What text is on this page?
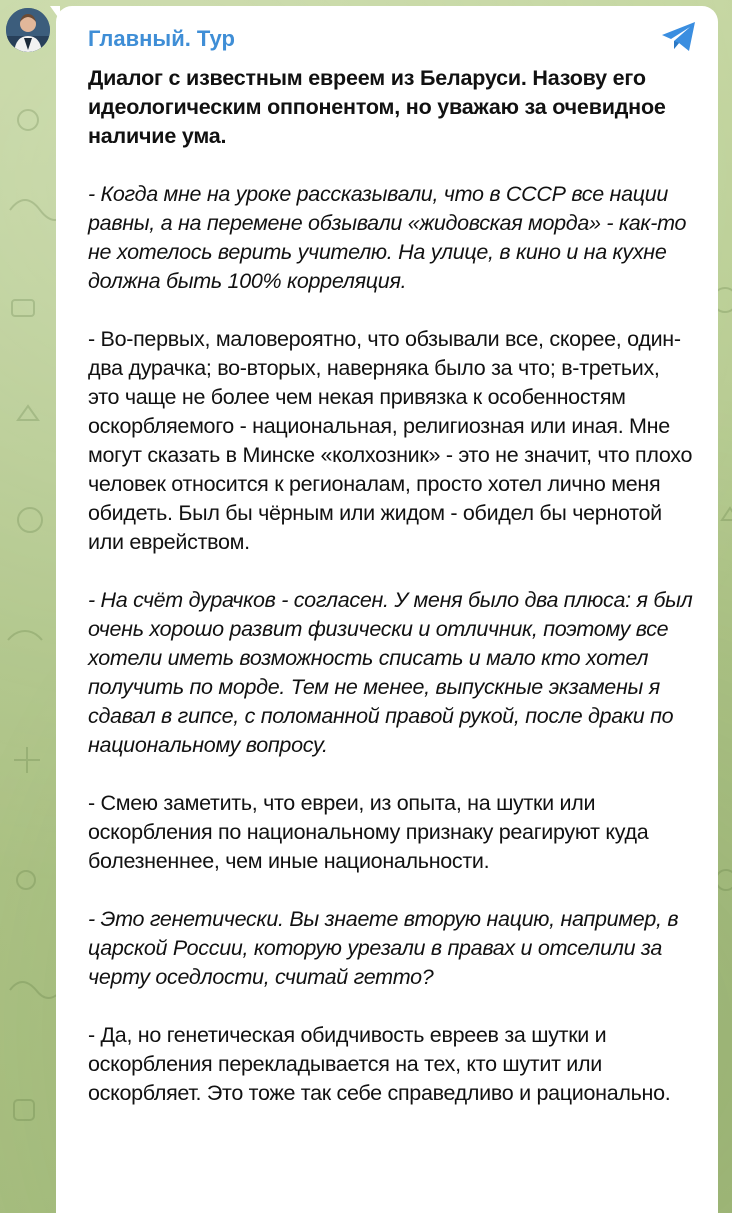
Главный. Тур
Диалог с известным евреем из Беларуси. Назову его идеологическим оппонентом, но уважаю за очевидное наличие ума.
- Когда мне на уроке рассказывали, что в СССР все нации равны, а на перемене обзывали «жидовская морда» - как-то не хотелось верить учителю. На улице, в кино и на кухне должна быть 100% корреляция.
- Во-первых, маловероятно, что обзывали все, скорее, один-два дурачка; во-вторых, наверняка было за что; в-третьих, это чаще не более чем некая привязка к особенностям оскорбляемого - национальная, религиозная или иная. Мне могут сказать в Минске «колхозник» - это не значит, что плохо человек относится к регионалам, просто хотел лично меня обидеть. Был бы чёрным или жидом - обидел бы чернотой или еврейством.
- На счёт дурачков - согласен. У меня было два плюса: я был очень хорошо развит физически и отличник, поэтому все хотели иметь возможность списать и мало кто хотел получить по морде. Тем не менее, выпускные экзамены я сдавал в гипсе, с поломанной правой рукой, после драки по национальному вопросу.
- Смею заметить, что евреи, из опыта, на шутки или оскорбления по национальному признаку реагируют куда болезненнее, чем иные национальности.
- Это генетически. Вы знаете вторую нацию, например, в царской России, которую урезали в правах и отселили за черту оседлости, считай гетто?
- Да, но генетическая обидчивость евреев за шутки и оскорбления перекладывается на тех, кто шутит или оскорбляет. Это тоже так себе справедливо и рационально.
